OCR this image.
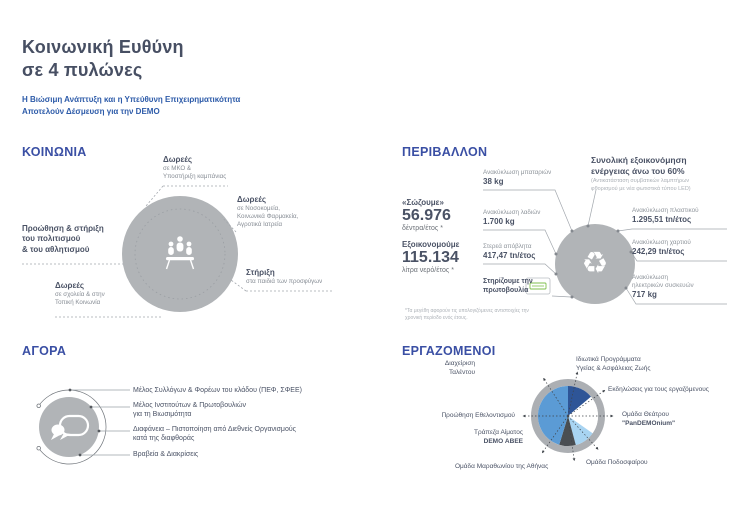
Κοινωνική Ευθύνη
σε 4 πυλώνες
Η Βιώσιμη Ανάπτυξη και η Υπεύθυνη Επιχειρηματικότητα
Αποτελούν Δέσμευση για την DEMO
ΚΟΙΝΩΝΙΑ
Δωρεές
σε ΜΚΟ &
Υποστήριξη καμπάνιας
Δωρεές
σε Νοσοκομεία,
Κοινωνικά Φαρμακεία,
Αγροτικά Ιατρεία
Στήριξη
στα παιδιά των προσφύγων
Προώθηση & στήριξη
του πολιτισμού
& του αθλητισμού
Δωρεές
σε σχολεία & στην
Τοπική Κοινωνία
ΠΕΡΙΒΑΛΛΟΝ
♻
«Σώζουμε»
56.976
δέντρα/έτος *
Εξοικονομούμε
115.134
λίτρα νερό/έτος *
Ανακύκλωση μπαταριών
38 kg
Ανακύκλωση λαδιών
1.700 kg
Στερεά απόβλητα
417,47 tn/έτος
Στηρίζουμε την
πρωτοβουλία
Συνολική εξοικονόμηση
ενέργειας άνω του 60%
(Αντικατάσταση συμβατικών λαμπτήρων
φθορισμού με νέα φωτιστικά τύπου LED)
Ανακύκλωση πλαστικού
1.295,51 tn/έτος
Ανακύκλωση χαρτιού
242,29 tn/έτος
Ανακύκλωση
ηλεκτρικών συσκευών
717 kg
*Τα μεγέθη αφορούν τις υπολογιζόμενες αντιστοιχίες την
χρονική περίοδο ενός έτους.
ΑΓΟΡΑ
Μέλος Συλλόγων & Φορέων του κλάδου (ΠΕΦ, ΣΦΕΕ)
Μέλος Ινστιτούτων & Πρωτοβουλιών
για τη Βιωσιμότητα
Διαφάνεια – Πιστοποίηση από Διεθνείς Οργανισμούς
κατά της διαφθοράς
Βραβεία & Διακρίσεις
ΕΡΓΑΖΟΜΕΝΟΙ
Διαχείριση
Ταλέντου
Ιδιωτικά Προγράμματα
Υγείας & Ασφάλειας Ζωής
Εκδηλώσεις για τους εργαζόμενους
Ομάδα Θεάτρου
"PanDEMOnium"
Ομάδα Ποδοσφαίρου
Ομάδα Μαραθωνίου της Αθήνας
Τράπεζα Αίματος
DEMO ΑΒΕΕ
Προώθηση Εθελοντισμού
